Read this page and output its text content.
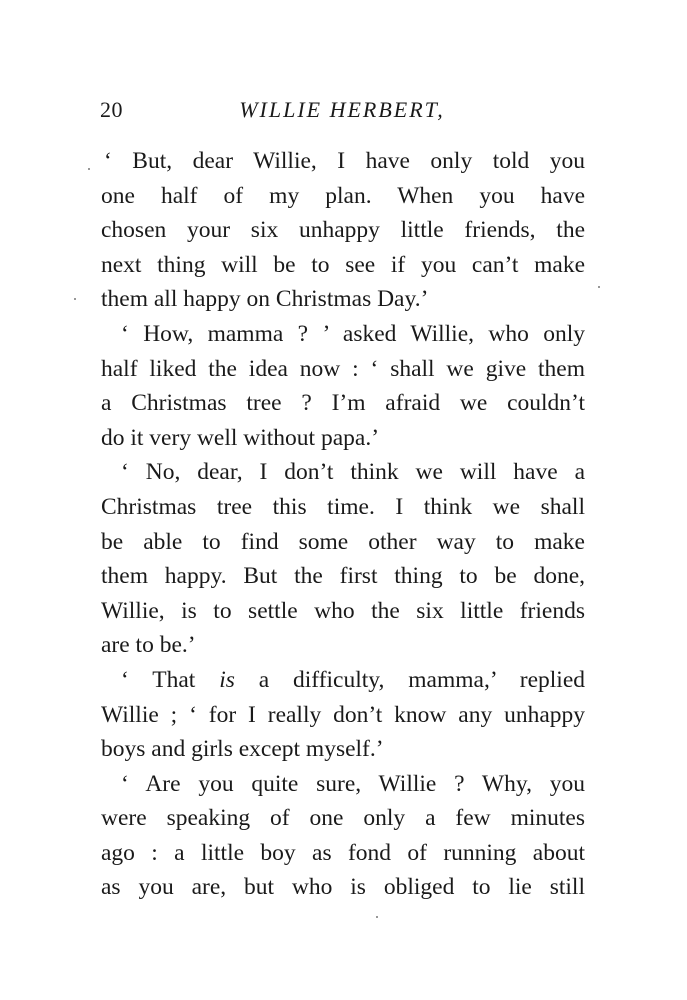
20	WILLIE HERBERT,
‘ But, dear Willie, I have only told you
one half of my plan. When you have
chosen your six unhappy little friends, the
next thing will be to see if you can’t make
them all happy on Christmas Day.’
‘ How, mamma ? ’ asked Willie, who only
half liked the idea now : ‘ shall we give them
a Christmas tree ? I’m afraid we couldn’t
do it very well without papa.’
‘ No, dear, I don’t think we will have a
Christmas tree this time. I think we shall
be able to find some other way to make
them happy. But the first thing to be done,
Willie, is to settle who the six little friends
are to be.’
‘ That is a difficulty, mamma,’ replied
Willie ; ‘ for I really don’t know any unhappy
boys and girls except myself.’
‘ Are you quite sure, Willie ? Why, you
were speaking of one only a few minutes
ago : a little boy as fond of running about
as you are, but who is obliged to lie still
